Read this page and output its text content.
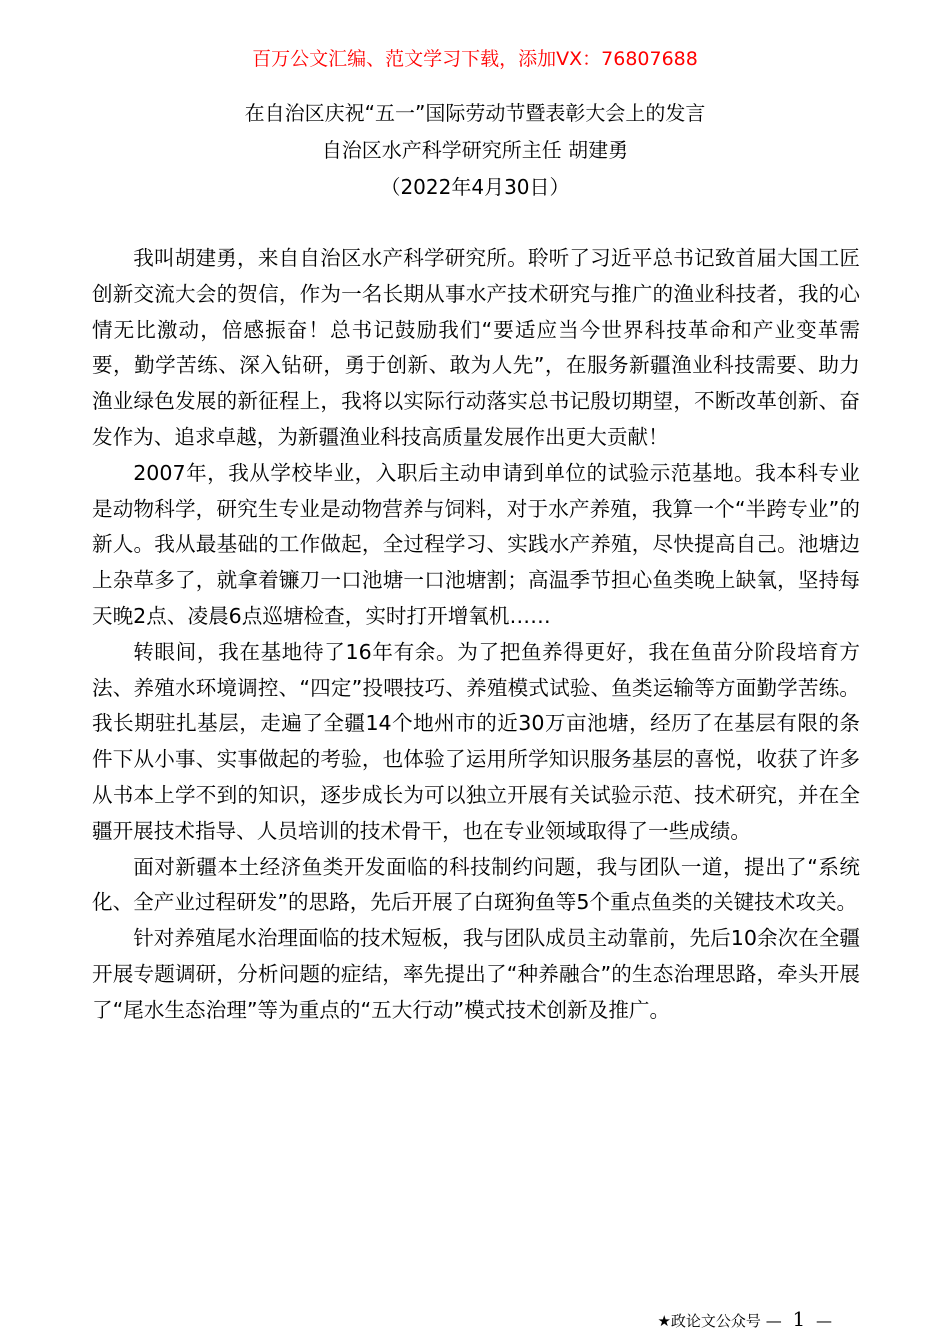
百万公文汇编、范文学习下载，添加VX：76807688
在自治区庆祝“五一”国际劳动节暨表彰大会上的发言
自治区水产科学研究所主任 胡建勇
（2022年4月30日）

我叫胡建勇，来自自治区水产科学研究所。聆听了习近平总书记致首届大国工匠创新交流大会的贺信，作为一名长期从事水产技术研究与推广的渔业科技者，我的心情无比激动，倍感振奋！总书记鼓励我们“要适应当今世界科技革命和产业变革需要，勤学苦练、深入钻研，勇于创新、敢为人先”，在服务新疆渔业科技需要、助力渔业绿色发展的新征程上，我将以实际行动落实总书记殷切期望，不断改革创新、奋发作为、追求卓越，为新疆渔业科技高质量发展作出更大贡献！

2007年，我从学校毕业，入职后主动申请到单位的试验示范基地。我本科专业是动物科学，研究生专业是动物营养与饲料，对于水产养殖，我算一个“半跨专业”的新人。我从最基础的工作做起，全过程学习、实践水产养殖，尽快提高自己。池塘边上杂草多了，就拿着镰刀一口池塘一口池塘割；高温季节担心鱼类晚上缺氧，坚持每天晚2点、凌晨6点巡塘检查，实时打开增氧机……

转眼间，我在基地待了16年有余。为了把鱼养得更好，我在鱼苗分阶段培育方法、养殖水环境调控、“四定”投喂技巧、养殖模式试验、鱼类运输等方面勤学苦练。我长期驻扎基层，走遍了全疆14个地州市的近30万亩池塘，经历了在基层有限的条件下从小事、实事做起的考验，也体验了运用所学知识服务基层的喜悦，收获了许多从书本上学不到的知识，逐步成长为可以独立开展有关试验示范、技术研究，并在全疆开展技术指导、人员培训的技术骨干，也在专业领域取得了一些成绩。

面对新疆本土经济鱼类开发面临的科技制约问题，我与团队一道，提出了“系统化、全产业过程研发”的思路，先后开展了白斑狗鱼等5个重点鱼类的关键技术攻关。

针对养殖尾水治理面临的技术短板，我与团队成员主动靠前，先后10余次在全疆开展专题调研，分析问题的症结，率先提出了“种养融合”的生态治理思路，牵头开展了“尾水生态治理”等为重点的“五大行动”模式技术创新及推广。

★政论文公众号 — 1 —
